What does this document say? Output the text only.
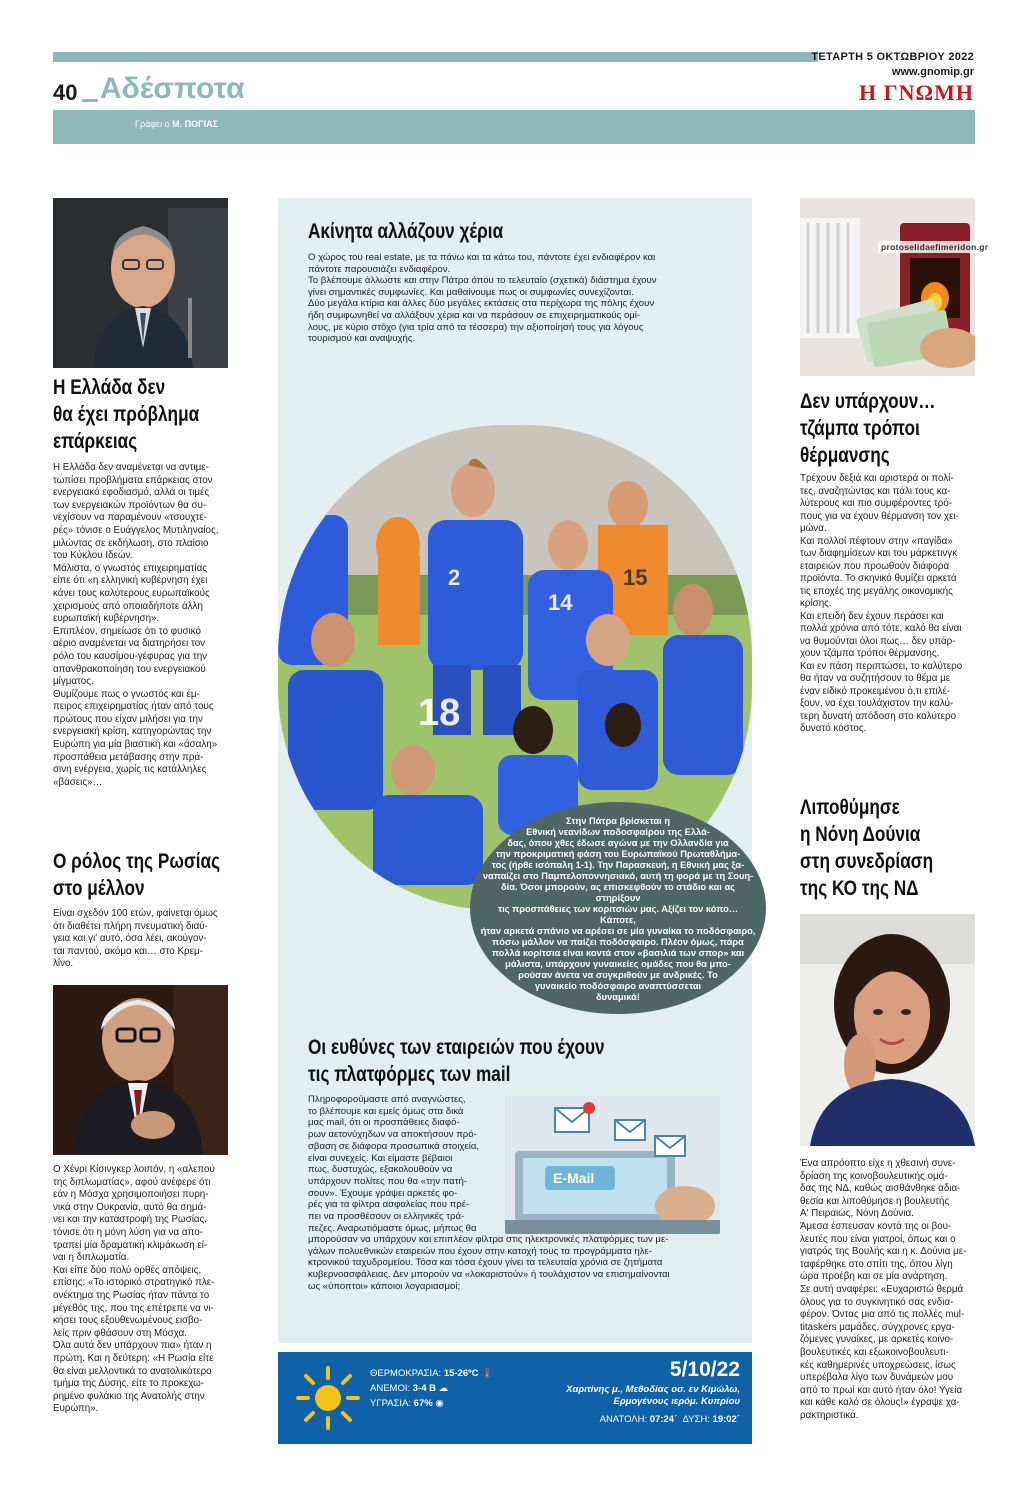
ΤΕΤΑΡΤΗ 5 ΟΚΤΩΒΡΙΟΥ 2022
www.gnomip.gr
Η ΓΝΩΜΗ
40 Αδέσποτα
Γράφει ο Μ. ΠΟΓΙΑΣ
Η Ελλάδα δεν
θα έχει πρόβλημα
επάρκειας
Η Ελλάδα δεν αναμένεται να αντιμε-
τωπίσει προβλήματα επάρκειας στον
ενεργειακό εφοδιασμό, αλλά οι τιμές
των ενεργειακών προϊόντων θα συ-
νεχίσουν να παραμένουν «τσουχτε-
ρές» τόνισε ο Ευάγγελος Μυτιληναίος,
μιλώντας σε εκδήλωση, στο πλαίσιο
του Κύκλου Ιδεών.
Μάλιστα, ο γνωστός επιχειρηματίας
είπε ότι «η ελληνική κυβέρνηση έχει
κάνει τους καλύτερους ευρωπαϊκούς
χειρισμούς από οποιαδήποτε άλλη
ευρωπαϊκή κυβέρνηση».
Επιπλέον, σημείωσε ότι το φυσικό
αέριο αναμένεται να διατηρήσει τον
ρόλο του καυσίμου-γέφυρας για την
απανθρακοποίηση του ενεργειακού
μίγματος.
Θυμίζουμε πως ο γνωστός και έμ-
πειρος επιχειρηματίας ήταν από τους
πρώτους που είχαν μιλήσει για την
ενεργειακή κρίση, κατηγορώντας την
Ευρώπη για μία βιαστική και «άσαλη»
προσπάθεια μετάβασης στην πρά-
σινη ενέργεια, χωρίς τις κατάλληλες
«βάσεις»…
Ο ρόλος της Ρωσίας
στο μέλλον
Είναι σχεδόν 100 ετών, φαίνεται όμως
ότι διαθέτει πλήρη πνευματική διαύ-
γεια και γι' αυτό, όσα λέει, ακούγον-
ται παντού, ακόμα και… στο Κρεμ-
λίνο.
Ο Χένρι Κίσινγκερ λοιπόν, η «αλεπού
της διπλωματίας», αφού ανέφερε ότι
εάν η Μόσχα χρησιμοποιήσει πυρη-
νικά στην Ουκρανία, αυτό θα σημά-
νει και την καταστροφή της Ρωσίας,
τόνισε ότι η μόνη λύση για να απο-
τραπεί μία δραματική κλιμάκωση εί-
ναι η διπλωματία.
Και είπε δύο πολύ ορθές απόψεις,
επίσης: «Το ιστορικό στρατηγικό πλε-
ονέκτημα της Ρωσίας ήταν πάντα το
μέγεθός της, που της επέτρεπε να νι-
κήσει τους εξουθενωμένους εισβο-
λείς πριν φθάσουν στη Μόσχα.
Όλα αυτά δεν υπάρχουν πια» ήταν η
πρώτη. Και η δεύτερη: «Η Ρωσία είτε
θα είναι μελλοντικά το ανατολικότερο
τμήμα της Δύσης, είτε το προκεχω-
ρημένο φυλάκιο της Ανατολής στην
Ευρώπη».
Ακίνητα αλλάζουν χέρια
Ο χώρος του real estate, με τα πάνω και τα κάτω του, πάντοτε έχει ενδιαφέρον και
πάντοτε παρουσιάζει ενδιαφέρον.
Το βλέπουμε άλλωστε και στην Πάτρα όπου το τελευταίο (σχετικά) διάστημα έχουν
γίνει σημαντικές συμφωνίες. Και μαθαίνουμε πως οι συμφωνίες συνεχίζονται.
Δύο μεγάλα κτίρια και άλλες δύο μεγάλες εκτάσεις στα περίχωρα της πόλης έχουν
ήδη συμφωνηθεί να αλλάξουν χέρια και να περάσουν σε επιχειρηματικούς ομί-
λους, με κύριο στόχο (για τρία από τα τέσσερα) την αξιοποίησή τους για λόγους
τουρισμού και αναψυχής.
18
2
14
15
Στην Πάτρα βρίσκεται η
Εθνική νεανίδων ποδοσφαίρου της Ελλά-
δας, όπου χθες έδωσε αγώνα με την Ολλανδία για
την προκριματική φάση του Ευρωπαϊκού Πρωταθλήμα-
τος (ήρθε ισόπαλη 1-1). Την Παρασκευή, η Εθνική μας ξα-
ναπαίζει στο Παμπελοποννησιακό, αυτή τη φορά με τη Σουη-
δία. Όσοι μπορούν, ας επισκεφθούν το στάδιο και ας στηρίξουν
τις προσπάθειες των κοριτσιών μας. Αξίζει τον κόπο… Κάποτε,
ήταν αρκετά σπάνιο να αρέσει σε μία γυναίκα το ποδόσφαιρο,
πόσω μάλλον να παίζει ποδόσφαιρο. Πλέον όμως, πάρα
πολλά κορίτσια είναι κοντά στον «βασιλιά των σπορ» και
μάλιστα, υπάρχουν γυναικείες ομάδες που θα μπο-
ρούσαν άνετα να συγκριθούν με ανδρικές. Το
γυναικείο ποδόσφαιρο αναπτύσσεται
δυναμικά!
Οι ευθύνες των εταιρειών που έχουν
τις πλατφόρμες των mail
Πληροφορούμαστε από αναγνώστες,
το βλέπουμε και εμείς όμως στα δικά
μας mail, ότι οι προσπάθειες διαφό-
ρων αετονύχηδων να αποκτήσουν πρό-
σβαση σε διάφορα προσωπικά στοιχεία,
είναι συνεχείς. Και είμαστε βέβαιοι
πως, δυστυχώς, εξακολουθούν να
υπάρχουν πολίτες που θα «την πατή-
σουν». Έχουμε γράψει αρκετές φο-
ρές για τα φίλτρα ασφαλείας που πρέ-
πει να προσθέσουν οι ελληνικές τρά-
πεζες. Αναρωτιόμαστε όμως, μήπως θα
E-Mail
μπορούσαν να υπάρχουν και επιπλέον φίλτρα στις ηλεκτρονικές πλατφόρμες των με-
γάλων πολυεθνικών εταιρειών που έχουν στην κατοχή τους τα προγράμματα ηλε-
κτρονικού ταχυδρομείου. Τόσα και τόσα έχουν γίνει τα τελευταία χρόνια σε ζητήματα
κυβερνοασφάλειας. Δεν μπορούν να «λοκαριστούν» ή τουλάχιστον να επισημαίνονται
ως «ύποπτοι» κάποιοι λογαριασμοί;
ΘΕΡΜΟΚΡΑΣΙΑ: 15-26ºC 🌡
ΑΝΕΜΟΙ: 3-4 B ☁
ΥΓΡΑΣΙΑ: 67% ◉
5/10/22
Χαριτίνης μ., Μεθοδίας οσ. εν Κιμώλω,
Ερμογένους ιερόμ. Κυπρίου
ΑΝΑΤΟΛΗ: 07:24΄ ΔΥΣΗ: 19:02΄
protoselidaefimeridon.gr
Δεν υπάρχουν…
τζάμπα τρόποι
θέρμανσης
Τρέχουν δεξιά και αριστερά οι πολί-
τες, αναζητώντας και πάλι τους κα-
λύτερους και πιο συμφέροντες τρό-
πους για να έχουν θέρμανση τον χει-
μώνα.
Και πολλοί πέφτουν στην «παγίδα»
των διαφημίσεων και του μάρκετινγκ
εταιρειών που προωθούν διάφορα
προϊόντα. Το σκηνικό θυμίζει αρκετά
τις εποχές της μεγάλης οικονομικής
κρίσης.
Και επειδή δεν έχουν περάσει και
πολλά χρόνια από τότε, καλό θα είναι
να θυμούνται όλοι πως… δεν υπάρ-
χουν τζάμπα τρόποι θέρμανσης.
Και εν πάση περιπτώσει, το καλύτερο
θα ήταν να συζητήσουν το θέμα με
έναν ειδικό προκειμένου ό,τι επιλέ-
ξουν, να έχει τουλάχιστον την καλύ-
τερη δυνατή απόδοση στο καλύτερο
δυνατό κόστος.
Λιποθύμησε
η Νόνη Δούνια
στη συνεδρίαση
της ΚΟ της ΝΔ
Ένα απρόοπτο είχε η χθεσινή συνε-
δρίαση της κοινοβουλευτικής ομά-
δας της ΝΔ, καθώς αισθάνθηκε αδια-
θεσία και λιποθύμησε η βουλευτής
Α' Πειραιώς, Νόνη Δούνια.
Άμεσα έσπευσαν κοντά της οι βου-
λευτές που είναι γιατροί, όπως και ο
γιατρός της Βουλής και η κ. Δούνια με-
ταφέρθηκε στο σπίτι της, όπου λίγη
ώρα προέβη και σε μία ανάρτηση.
Σε αυτή αναφέρει: «Ευχαριστώ θερμά
όλους για το συγκινητικό σας ενδια-
φέρον. Όντας μια από τις πολλές mul-
titaskers μαμάδες, σύγχρονες εργα-
ζόμενες γυναίκες, με αρκετές κοινο-
βουλευτικές και εξωκοινοβουλευτι-
κές καθημερινές υποχρεώσεις, ίσως
υπερέβαλα λίγο των δυνάμεών μου
από το πρωί και αυτό ήταν όλο! Υγεία
και κάθε καλό σε όλους!» έγραψε χα-
ρακτηριστικά.
